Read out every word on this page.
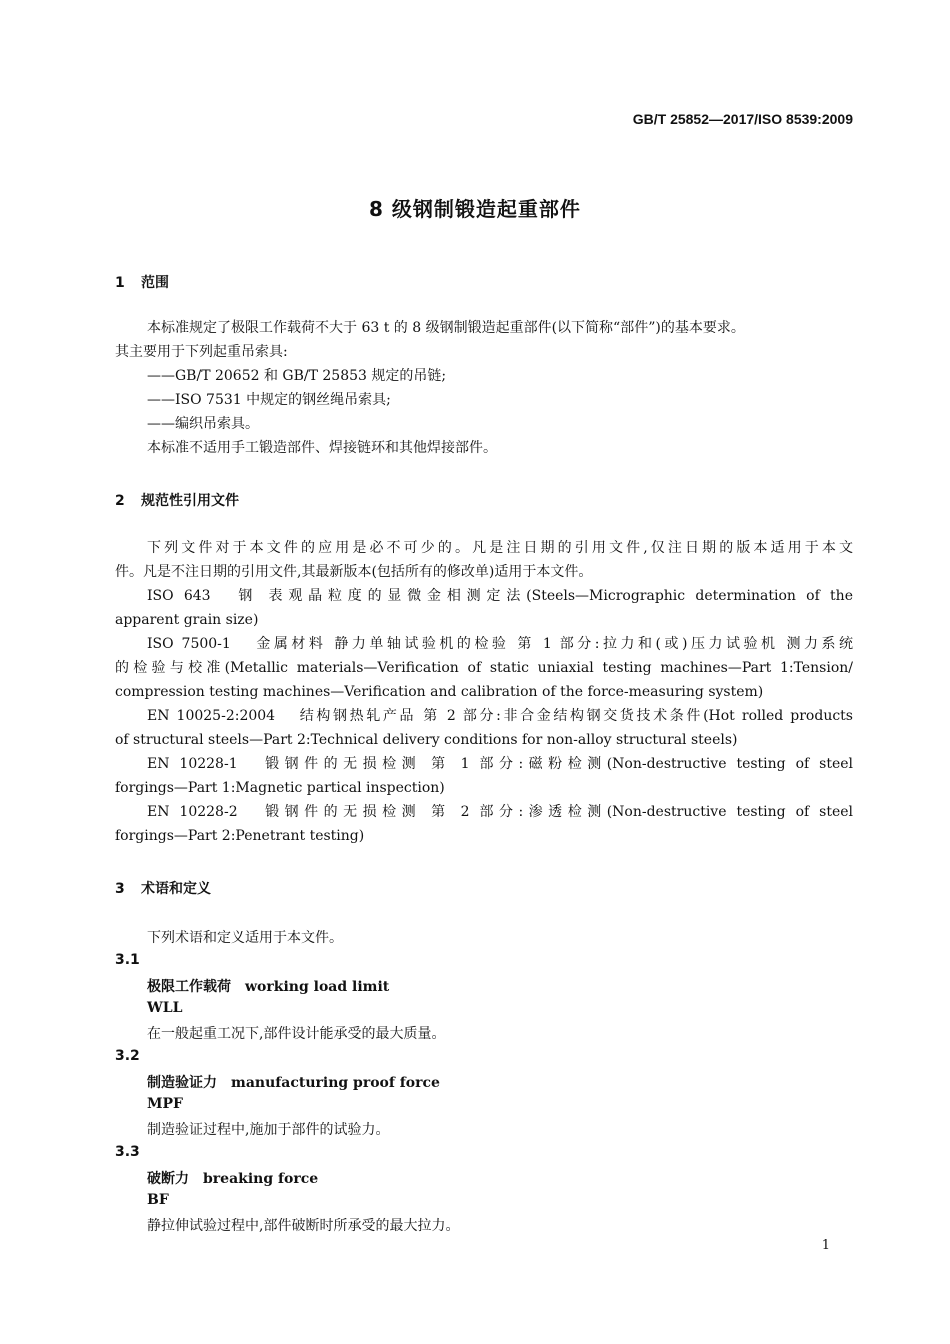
GB/T 25852—2017/ISO 8539:2009
8 级钢制锻造起重部件
1 范围
本标准规定了极限工作载荷不大于 63 t 的 8 级钢制锻造起重部件(以下简称“部件”)的基本要求。
其主要用于下列起重吊索具:
——GB/T 20652 和 GB/T 25853 规定的吊链;
——ISO 7531 中规定的钢丝绳吊索具;
——编织吊索具。
本标准不适用手工锻造部件、焊接链环和其他焊接部件。
2 规范性引用文件
下列文件对于本文件的应用是必不可少的。凡是注日期的引用文件,仅注日期的版本适用于本文
件。凡是不注日期的引用文件,其最新版本(包括所有的修改单)适用于本文件。
ISO 643 钢 表观晶粒度的显微金相测定法(Steels—Micrographic determination of the
apparent grain size)
ISO 7500-1 金属材料 静力单轴试验机的检验 第 1 部分:拉力和(或)压力试验机 测力系统
的检验与校准(Metallic materials—Verification of static uniaxial testing machines—Part 1:Tension/
compression testing machines—Verification and calibration of the force-measuring system)
EN 10025-2:2004 结构钢热轧产品 第 2 部分:非合金结构钢交货技术条件(Hot rolled products
of structural steels—Part 2:Technical delivery conditions for non-alloy structural steels)
EN 10228-1 锻钢件的无损检测 第 1 部分:磁粉检测(Non-destructive testing of steel
forgings—Part 1:Magnetic partical inspection)
EN 10228-2 锻钢件的无损检测 第 2 部分:渗透检测(Non-destructive testing of steel
forgings—Part 2:Penetrant testing)
3 术语和定义
下列术语和定义适用于本文件。
3.1
极限工作载荷 working load limit
WLL
在一般起重工况下,部件设计能承受的最大质量。
3.2
制造验证力 manufacturing proof force
MPF
制造验证过程中,施加于部件的试验力。
3.3
破断力 breaking force
BF
静拉伸试验过程中,部件破断时所承受的最大拉力。
1
